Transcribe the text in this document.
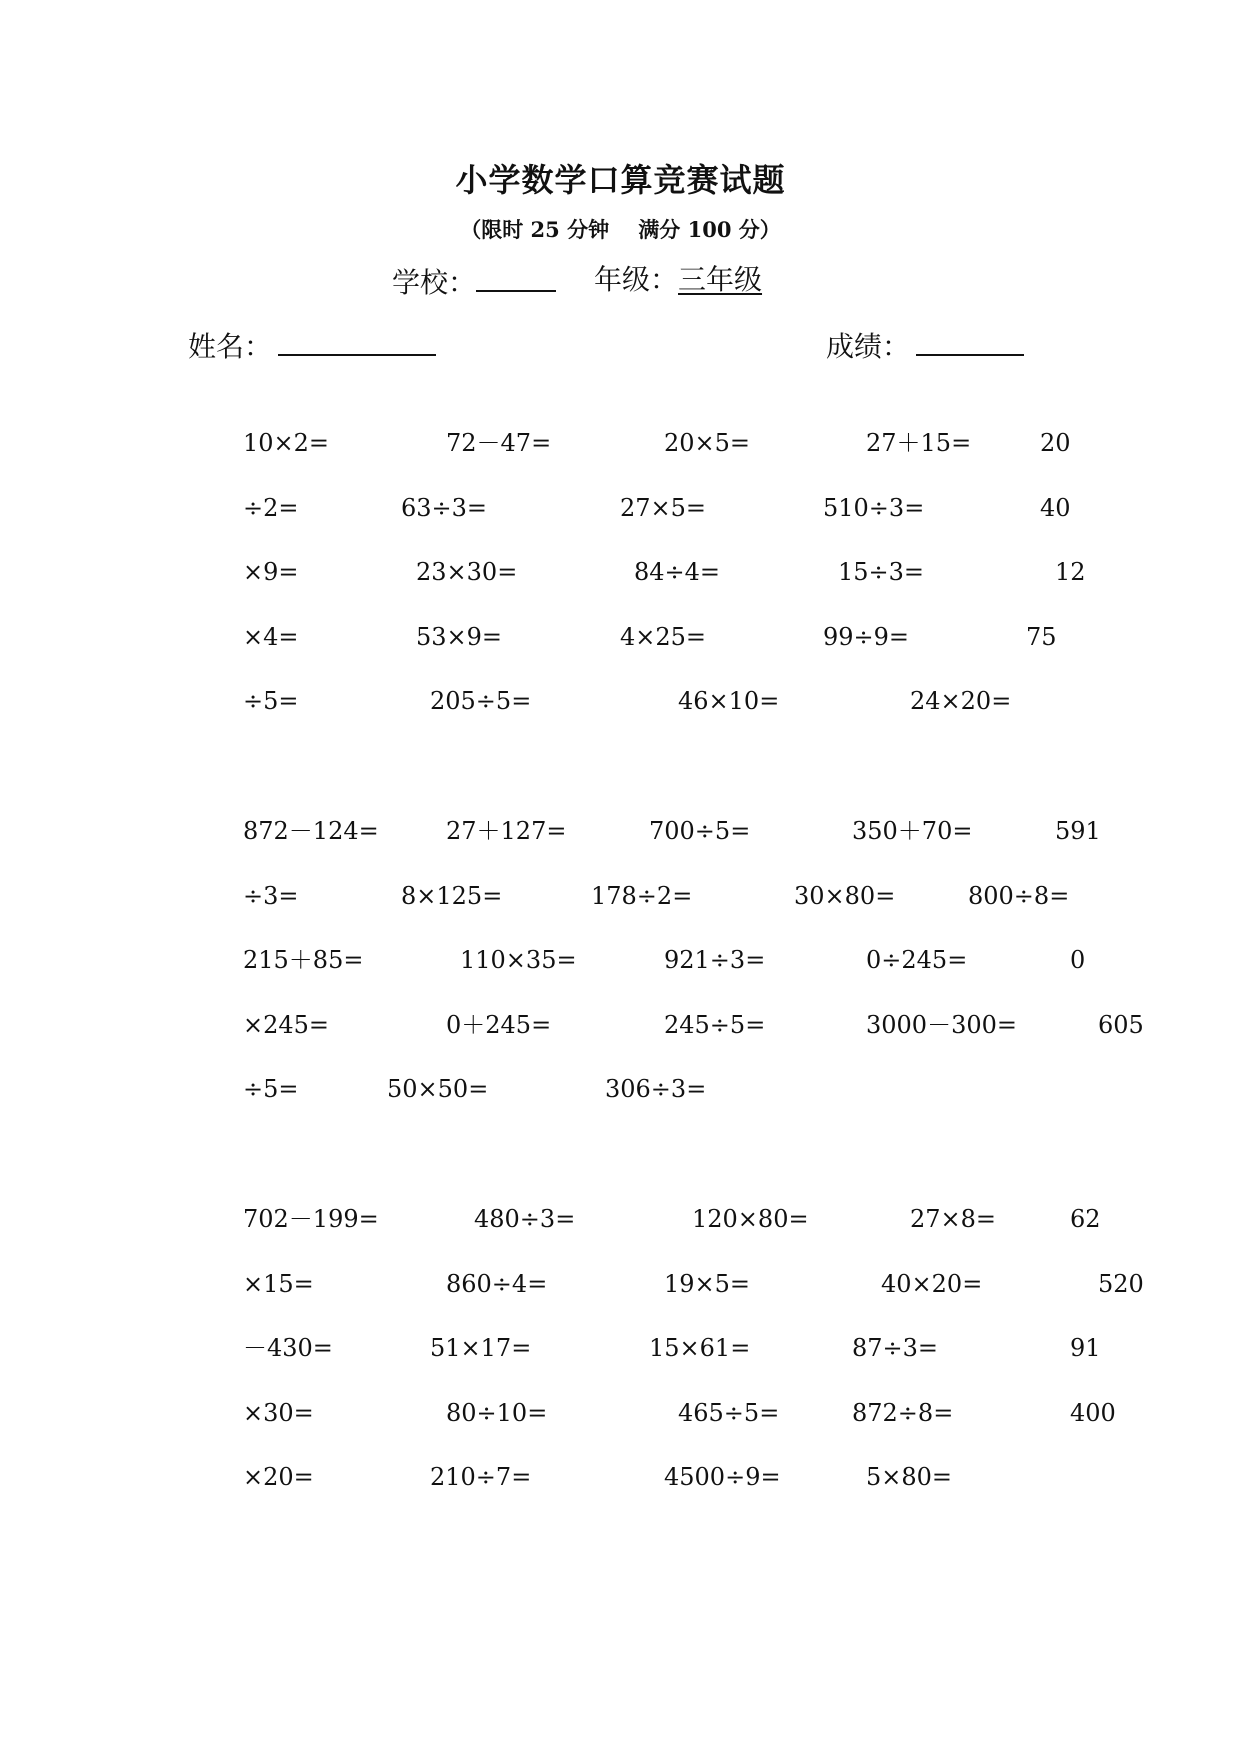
小学数学口算竞赛试题
（限时 25 分钟    满分 100 分）
学校：	年级：三年级
姓名：	成绩：
10×2=	72－47=	20×5=	27＋15=	20
÷2=	63÷3=	27×5=	510÷3=	40
×9=	23×30=	84÷4=	15÷3=	12
×4=	53×9=	4×25=	99÷9=	75
÷5=	205÷5=	46×10=	24×20=
872－124=	27＋127=	700÷5=	350＋70=	591
÷3=	8×125=	178÷2=	30×80=	800÷8=
215＋85=	110×35=	921÷3=	0÷245=	0
×245=	0＋245=	245÷5=	3000－300=	605
÷5=	50×50=	306÷3=
702－199=	480÷3=	120×80=	27×8=	62
×15=	860÷4=	19×5=	40×20=	520
－430=	51×17=	15×61=	87÷3=	91
×30=	80÷10=	465÷5=	872÷8=	400
×20=	210÷7=	4500÷9=	5×80=
